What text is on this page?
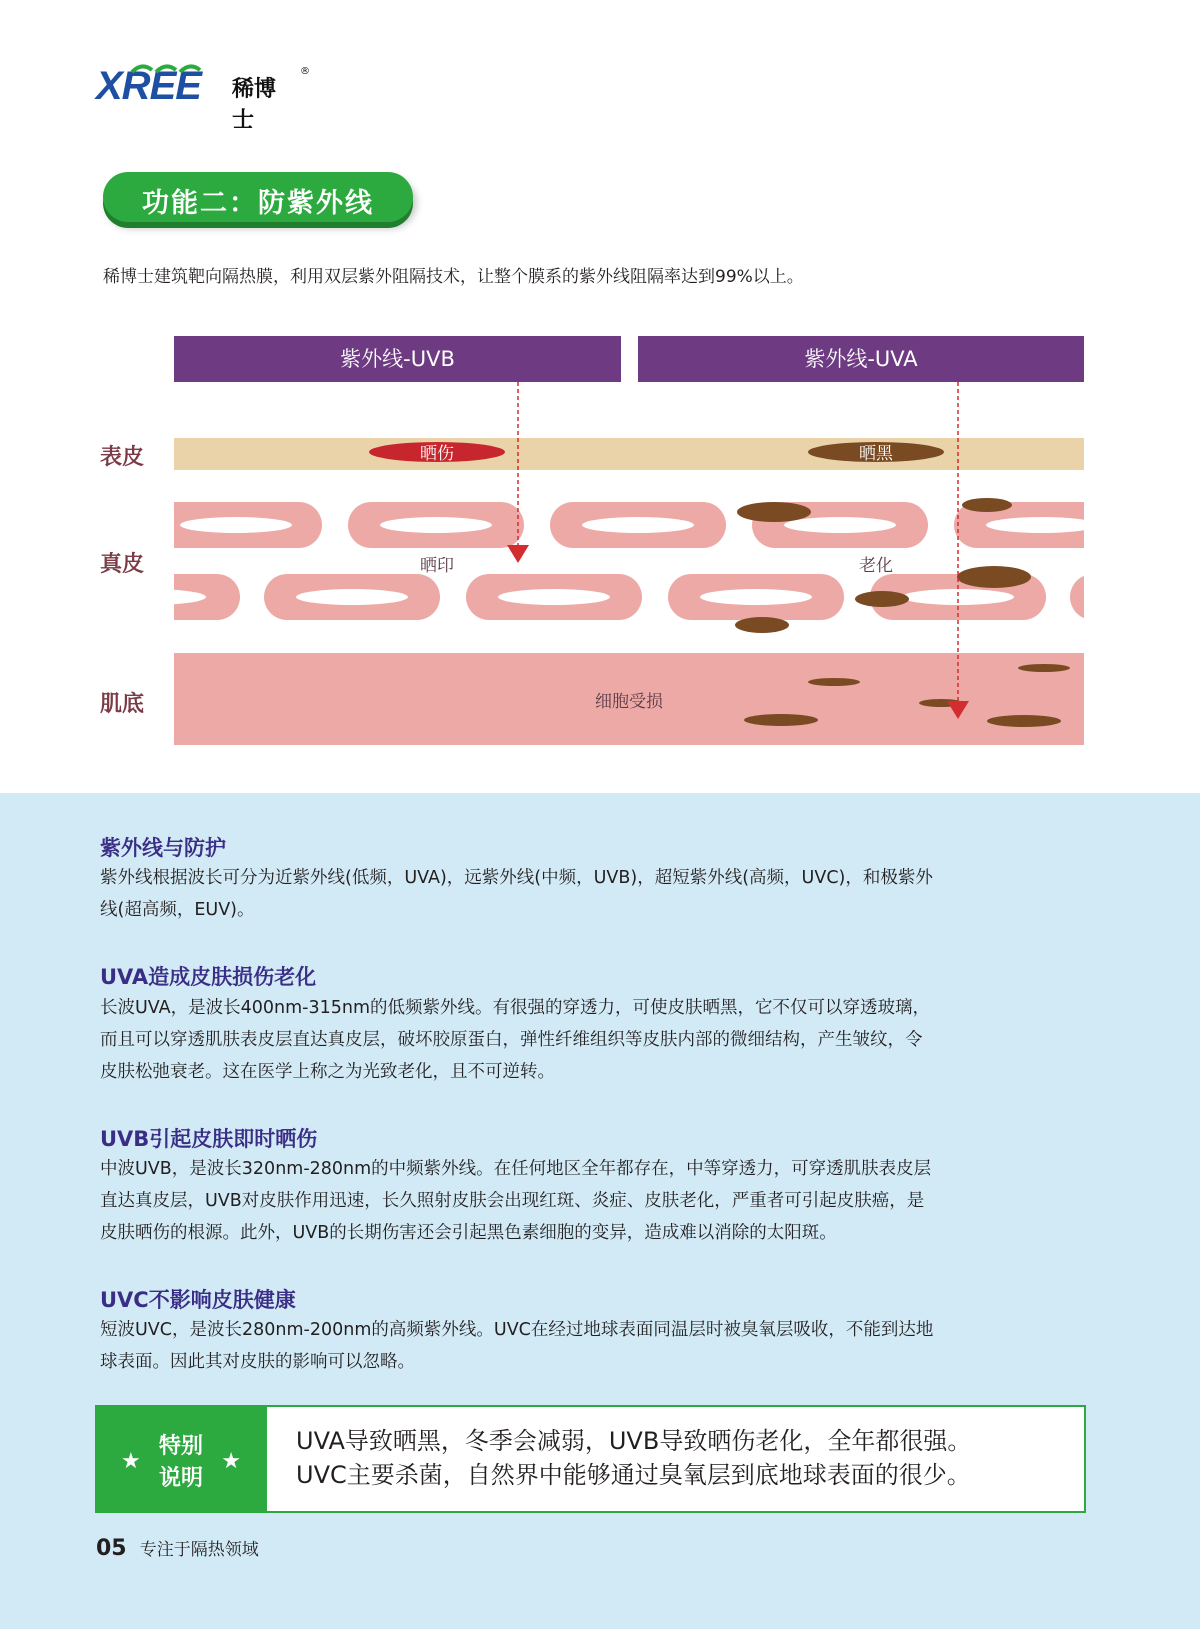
XREE 稀博士
®
功能二：防紫外线
稀博士建筑靶向隔热膜，利用双层紫外阻隔技术，让整个膜系的紫外线阻隔率达到99%以上。
紫外线-UVB	紫外线-UVA
表皮
真皮
肌底
晒伤	晒黑
晒印	老化
细胞受损
紫外线与防护
紫外线根据波长可分为近紫外线(低频，UVA)，远紫外线(中频，UVB)，超短紫外线(高频，UVC)，和极紫外
线(超高频，EUV)。
UVA造成皮肤损伤老化
长波UVA，是波长400nm-315nm的低频紫外线。有很强的穿透力，可使皮肤晒黑，它不仅可以穿透玻璃，
而且可以穿透肌肤表皮层直达真皮层，破坏胶原蛋白，弹性纤维组织等皮肤内部的微细结构，产生皱纹，令
皮肤松弛衰老。这在医学上称之为光致老化，且不可逆转。
UVB引起皮肤即时晒伤
中波UVB，是波长320nm-280nm的中频紫外线。在任何地区全年都存在，中等穿透力，可穿透肌肤表皮层
直达真皮层，UVB对皮肤作用迅速，长久照射皮肤会出现红斑、炎症、皮肤老化，严重者可引起皮肤癌，是
皮肤晒伤的根源。此外，UVB的长期伤害还会引起黑色素细胞的变异，造成难以消除的太阳斑。
UVC不影响皮肤健康
短波UVC，是波长280nm-200nm的高频紫外线。UVC在经过地球表面同温层时被臭氧层吸收，不能到达地
球表面。因此其对皮肤的影响可以忽略。
★
特别
说明
★
UVA导致晒黑，冬季会减弱，UVB导致晒伤老化，全年都很强。
UVC主要杀菌，自然界中能够通过臭氧层到底地球表面的很少。
05 专注于隔热领域
